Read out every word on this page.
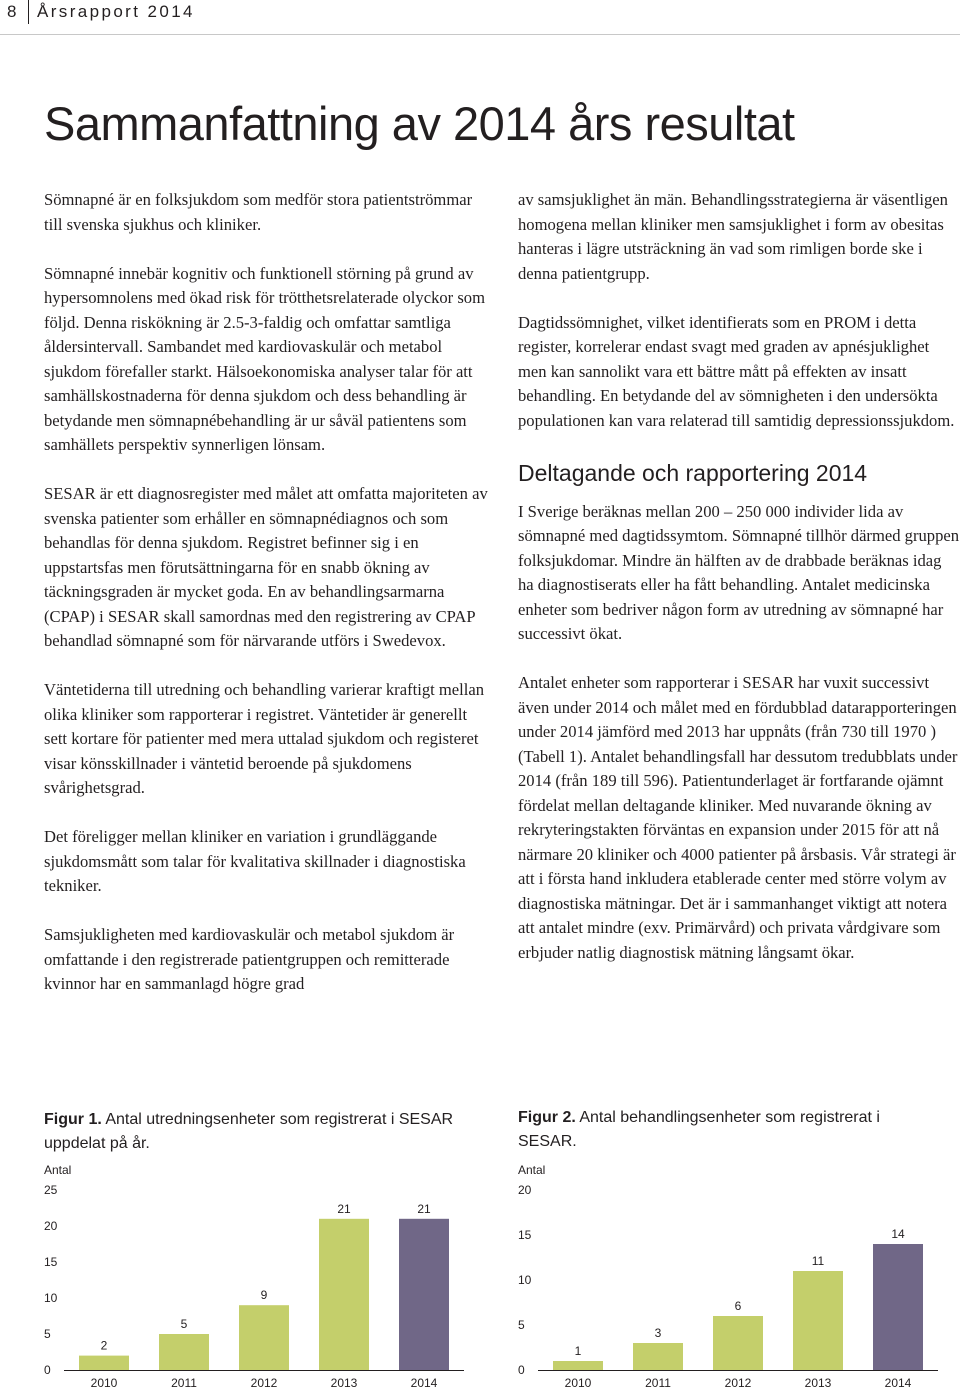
8 Årsrapport 2014
Sammanfattning av 2014 års resultat

Sömnapné är en folksjukdom som medför stora patientströmmar till svenska sjukhus och kliniker.

Sömnapné innebär kognitiv och funktionell störning på grund av hypersomnolens med ökad risk för trötthetsrelaterade olyckor som följd. Denna riskökning är 2.5-3-faldig och omfattar samtliga åldersintervall. Sambandet med kardiovaskulär och metabol sjukdom förefaller starkt. Hälsoekonomiska analyser talar för att samhällskostnaderna för denna sjukdom och dess behandling är betydande men sömnapnébehandling är ur såväl patientens som samhällets perspektiv synnerligen lönsam.

SESAR är ett diagnosregister med målet att omfatta majoriteten av svenska patienter som erhåller en sömnapnédiagnos och som behandlas för denna sjukdom. Registret befinner sig i en uppstartsfas men förutsättningarna för en snabb ökning av täckningsgraden är mycket goda. En av behandlingsarmarna (CPAP) i SESAR skall samordnas med den registrering av CPAP behandlad sömnapné som för närvarande utförs i Swedevox.

Väntetiderna till utredning och behandling varierar kraftigt mellan olika kliniker som rapporterar i registret. Väntetider är generellt sett kortare för patienter med mera uttalad sjukdom och registeret visar könsskillnader i väntetid beroende på sjukdomens svårighetsgrad.

Det föreligger mellan kliniker en variation i grundläggande sjukdomsmått som talar för kvalitativa skillnader i diagnostiska tekniker.

Samsjukligheten med kardiovaskulär och metabol sjukdom är omfattande i den registrerade patientgruppen och remitterade kvinnor har en sammanlagd högre grad

av samsjuklighet än män. Behandlingsstrategierna är väsentligen homogena mellan kliniker men samsjuklighet i form av obesitas hanteras i lägre utsträckning än vad som rimligen borde ske i denna patientgrupp.

Dagtidssömnighet, vilket identifierats som en PROM i detta register, korrelerar endast svagt med graden av apnésjuklighet men kan sannolikt vara ett bättre mått på effekten av insatt behandling. En betydande del av sömnigheten i den undersökta populationen kan vara relaterad till samtidig depressionssjukdom.

Deltagande och rapportering 2014

I Sverige beräknas mellan 200 – 250 000 individer lida av sömnapné med dagtidssymtom. Sömnapné tillhör därmed gruppen folksjukdomar. Mindre än hälften av de drabbade beräknas idag ha diagnostiserats eller ha fått behandling. Antalet medicinska enheter som bedriver någon form av utredning av sömnapné har successivt ökat.

Antalet enheter som rapporterar i SESAR har vuxit successivt även under 2014 och målet med en fördubblad datarapporteringen under 2014 jämförd med 2013 har uppnåts (från 730 till 1970 ) (Tabell 1). Antalet behandlingsfall har dessutom tredubblats under 2014 (från 189 till 596). Patientunderlaget är fortfarande ojämnt fördelat mellan deltagande kliniker. Med nuvarande ökning av rekryteringstakten förväntas en expansion under 2015 för att nå närmare 20 kliniker och 4000 patienter på årsbasis. Vår strategi är att i första hand inkludera etablerade center med större volym av diagnostiska mätningar. Det är i sammanhanget viktigt att notera att antalet mindre (exv. Primärvård) och privata vårdgivare som erbjuder natlig diagnostisk mätning långsamt ökar.

Figur 1. Antal utredningsenheter som registrerat i SESAR uppdelat på år.
Figur 2. Antal behandlingsenheter som registrerat i SESAR.
Antal
0
5
10
15
20
25
2
2010
5
2011
9
2012
21
2013
21
2014
Antal
0
5
10
15
20
1
2010
3
2011
6
2012
11
2013
14
2014
